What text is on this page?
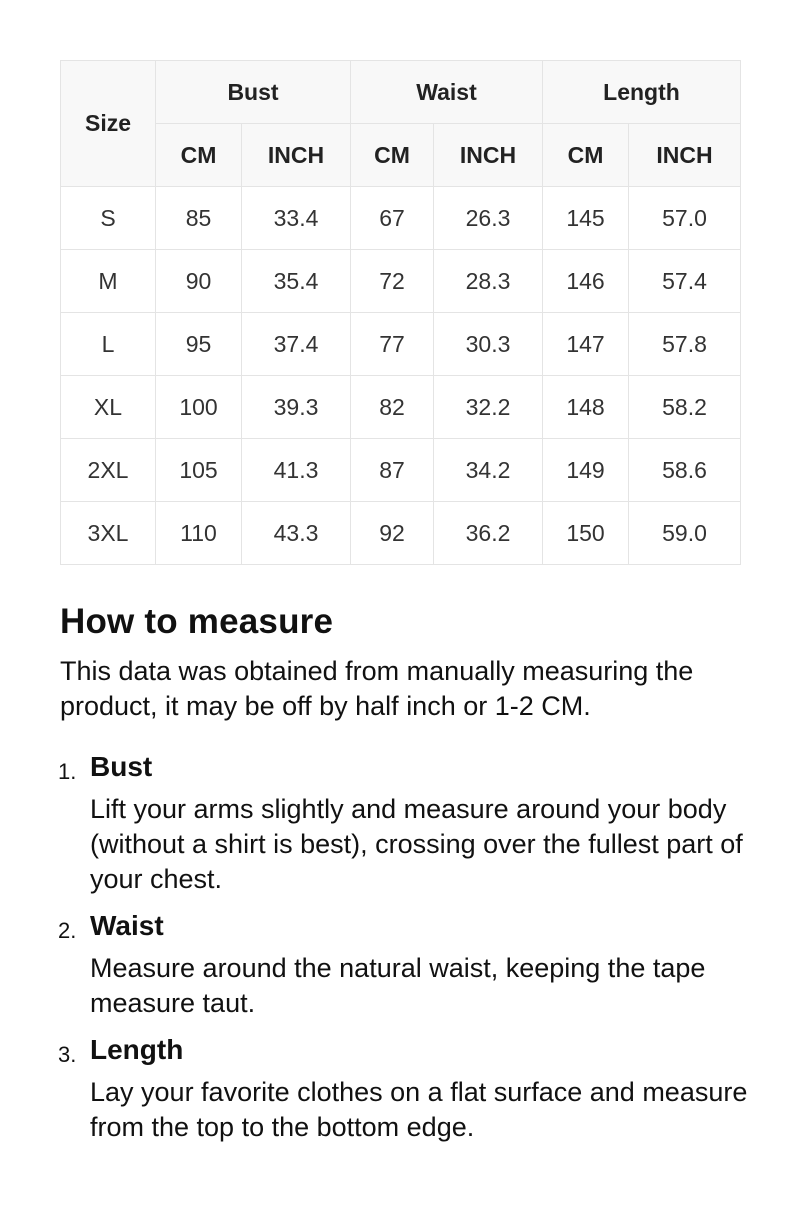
Size	Bust		Waist		Length	
	CM	INCH	CM	INCH	CM	INCH
S	85	33.4	67	26.3	145	57.0
M	90	35.4	72	28.3	146	57.4
L	95	37.4	77	30.3	147	57.8
XL	100	39.3	82	32.2	148	58.2
2XL	105	41.3	87	34.2	149	58.6
3XL	110	43.3	92	36.2	150	59.0
How to measure

This data was obtained from manually measuring the product, it may be off by half inch or 1-2 CM.

1. Bust
Lift your arms slightly and measure around your body (without a shirt is best), crossing over the fullest part of your chest.
2. Waist
Measure around the natural waist, keeping the tape measure taut.
3. Length
Lay your favorite clothes on a flat surface and measure from the top to the bottom edge.
